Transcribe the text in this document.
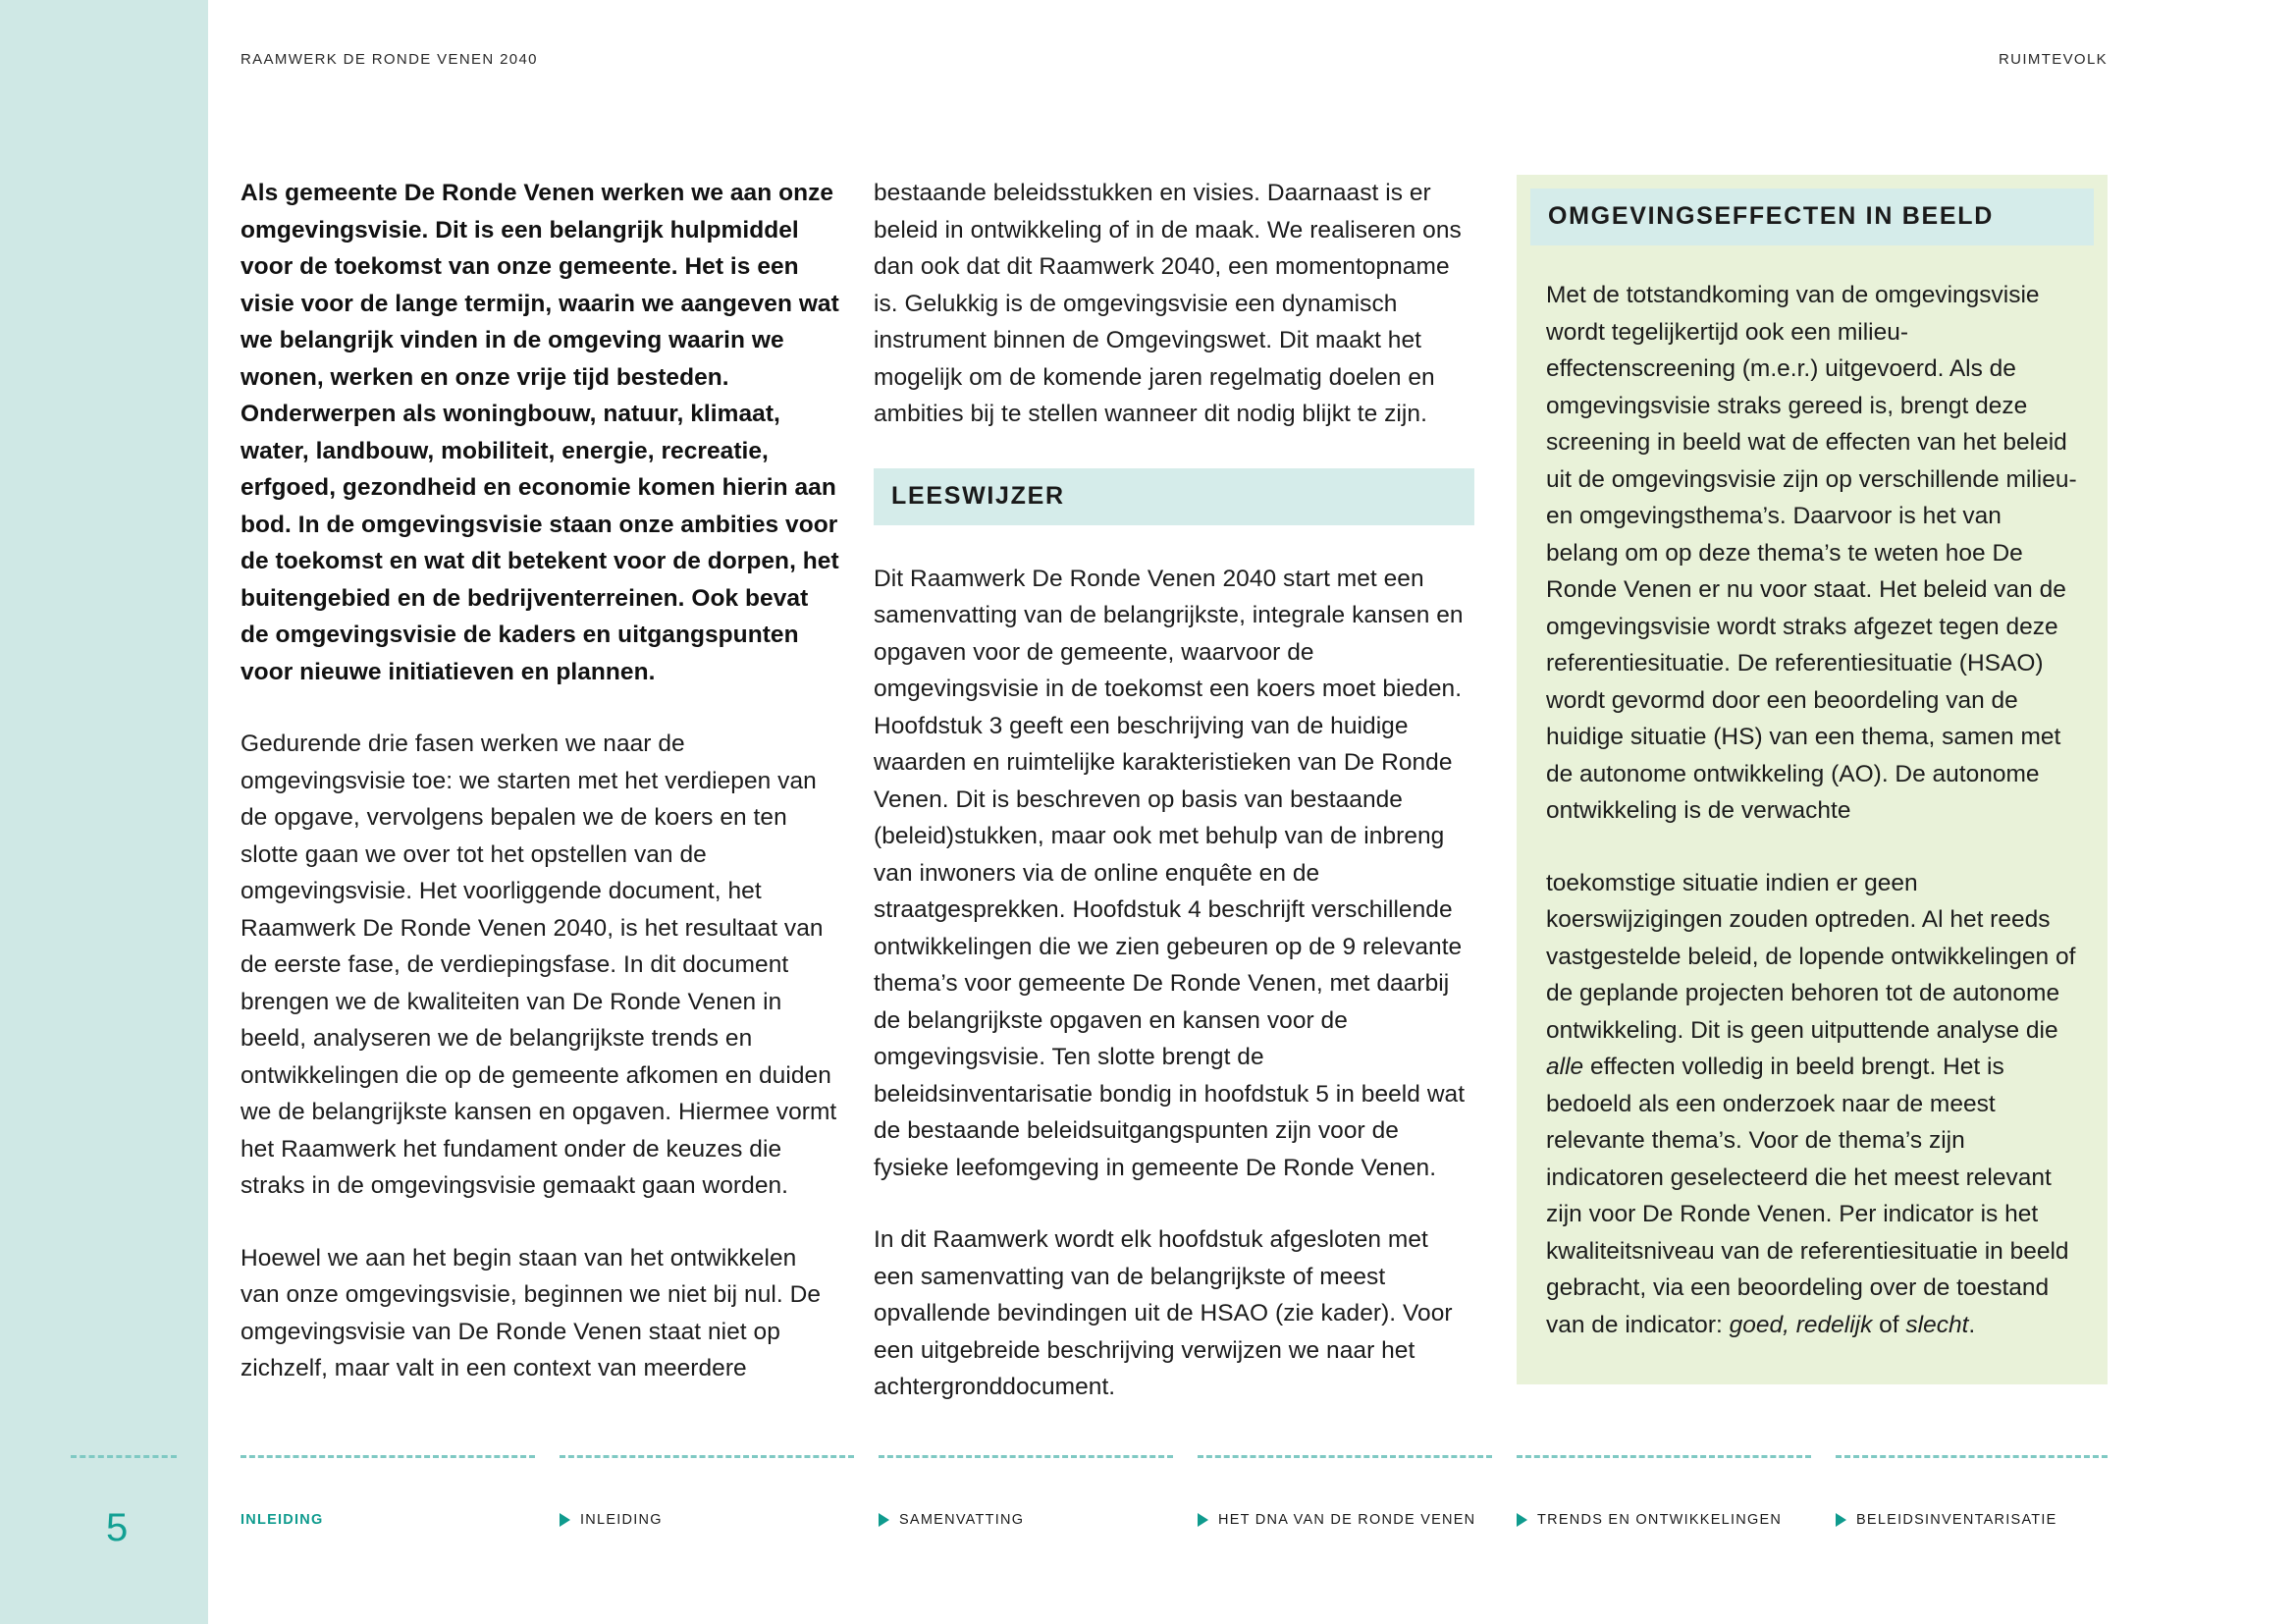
RAAMWERK DE RONDE VENEN 2040	RUIMTEVOLK

Als gemeente De Ronde Venen werken we aan onze omgevingsvisie. Dit is een belangrijk hulpmiddel voor de toekomst van onze gemeente. Het is een visie voor de lange termijn, waarin we aangeven wat we belangrijk vinden in de omgeving waarin we wonen, werken en onze vrije tijd besteden. Onderwerpen als woningbouw, natuur, klimaat, water, landbouw, mobiliteit, energie, recreatie, erfgoed, gezondheid en economie komen hierin aan bod. In de omgevingsvisie staan onze ambities voor de toekomst en wat dit betekent voor de dorpen, het buitengebied en de bedrijventerreinen. Ook bevat de omgevingsvisie de kaders en uitgangspunten voor nieuwe initiatieven en plannen.

Gedurende drie fasen werken we naar de omgevingsvisie toe: we starten met het verdiepen van de opgave, vervolgens bepalen we de koers en ten slotte gaan we over tot het opstellen van de omgevingsvisie. Het voorliggende document, het Raamwerk De Ronde Venen 2040, is het resultaat van de eerste fase, de verdiepingsfase. In dit document brengen we de kwaliteiten van De Ronde Venen in beeld, analyseren we de belangrijkste trends en ontwikkelingen die op de gemeente afkomen en duiden we de belangrijkste kansen en opgaven. Hiermee vormt het Raamwerk het fundament onder de keuzes die straks in de omgevingsvisie gemaakt gaan worden.

Hoewel we aan het begin staan van het ontwikkelen van onze omgevingsvisie, beginnen we niet bij nul. De omgevingsvisie van De Ronde Venen staat niet op zichzelf, maar valt in een context van meerdere

bestaande beleidsstukken en visies. Daarnaast is er beleid in ontwikkeling of in de maak. We realiseren ons dan ook dat dit Raamwerk 2040, een momentopname is. Gelukkig is de omgevingsvisie een dynamisch instrument binnen de Omgevingswet. Dit maakt het mogelijk om de komende jaren regelmatig doelen en ambities bij te stellen wanneer dit nodig blijkt te zijn.

LEESWIJZER

Dit Raamwerk De Ronde Venen 2040 start met een samenvatting van de belangrijkste, integrale kansen en opgaven voor de gemeente, waarvoor de omgevingsvisie in de toekomst een koers moet bieden. Hoofdstuk 3 geeft een beschrijving van de huidige waarden en ruimtelijke karakteristieken van De Ronde Venen. Dit is beschreven op basis van bestaande (beleid)stukken, maar ook met behulp van de inbreng van inwoners via de online enquête en de straatgesprekken. Hoofdstuk 4 beschrijft verschillende ontwikkelingen die we zien gebeuren op de 9 relevante thema’s voor gemeente De Ronde Venen, met daarbij de belangrijkste opgaven en kansen voor de omgevingsvisie. Ten slotte brengt de beleidsinventarisatie bondig in hoofdstuk 5 in beeld wat de bestaande beleidsuitgangspunten zijn voor de fysieke leefomgeving in gemeente De Ronde Venen.

In dit Raamwerk wordt elk hoofdstuk afgesloten met een samenvatting van de belangrijkste of meest opvallende bevindingen uit de HSAO (zie kader). Voor een uitgebreide beschrijving verwijzen we naar het achtergronddocument.

OMGEVINGSEFFECTEN IN BEELD

Met de totstandkoming van de omgevingsvisie wordt tegelijkertijd ook een milieu-effectenscreening (m.e.r.) uitgevoerd. Als de omgevingsvisie straks gereed is, brengt deze screening in beeld wat de effecten van het beleid uit de omgevingsvisie zijn op verschillende milieu- en omgevingsthema’s. Daarvoor is het van belang om op deze thema’s te weten hoe De Ronde Venen er nu voor staat. Het beleid van de omgevingsvisie wordt straks afgezet tegen deze referentiesituatie. De referentiesituatie (HSAO) wordt gevormd door een beoordeling van de huidige situatie (HS) van een thema, samen met de autonome ontwikkeling (AO). De autonome ontwikkeling is de verwachte

toekomstige situatie indien er geen koerswijzigingen zouden optreden. Al het reeds vastgestelde beleid, de lopende ontwikkelingen of de geplande projecten behoren tot de autonome ontwikkeling. Dit is geen uitputtende analyse die alle effecten volledig in beeld brengt. Het is bedoeld als een onderzoek naar de meest relevante thema’s. Voor de thema’s zijn indicatoren geselecteerd die het meest relevant zijn voor De Ronde Venen. Per indicator is het kwaliteitsniveau van de referentiesituatie in beeld gebracht, via een beoordeling over de toestand van de indicator: goed, redelijk of slecht.

5	INLEIDING	INLEIDING	SAMENVATTING	HET DNA VAN DE RONDE VENEN	TRENDS EN ONTWIKKELINGEN	BELEIDSINVENTARISATIE
